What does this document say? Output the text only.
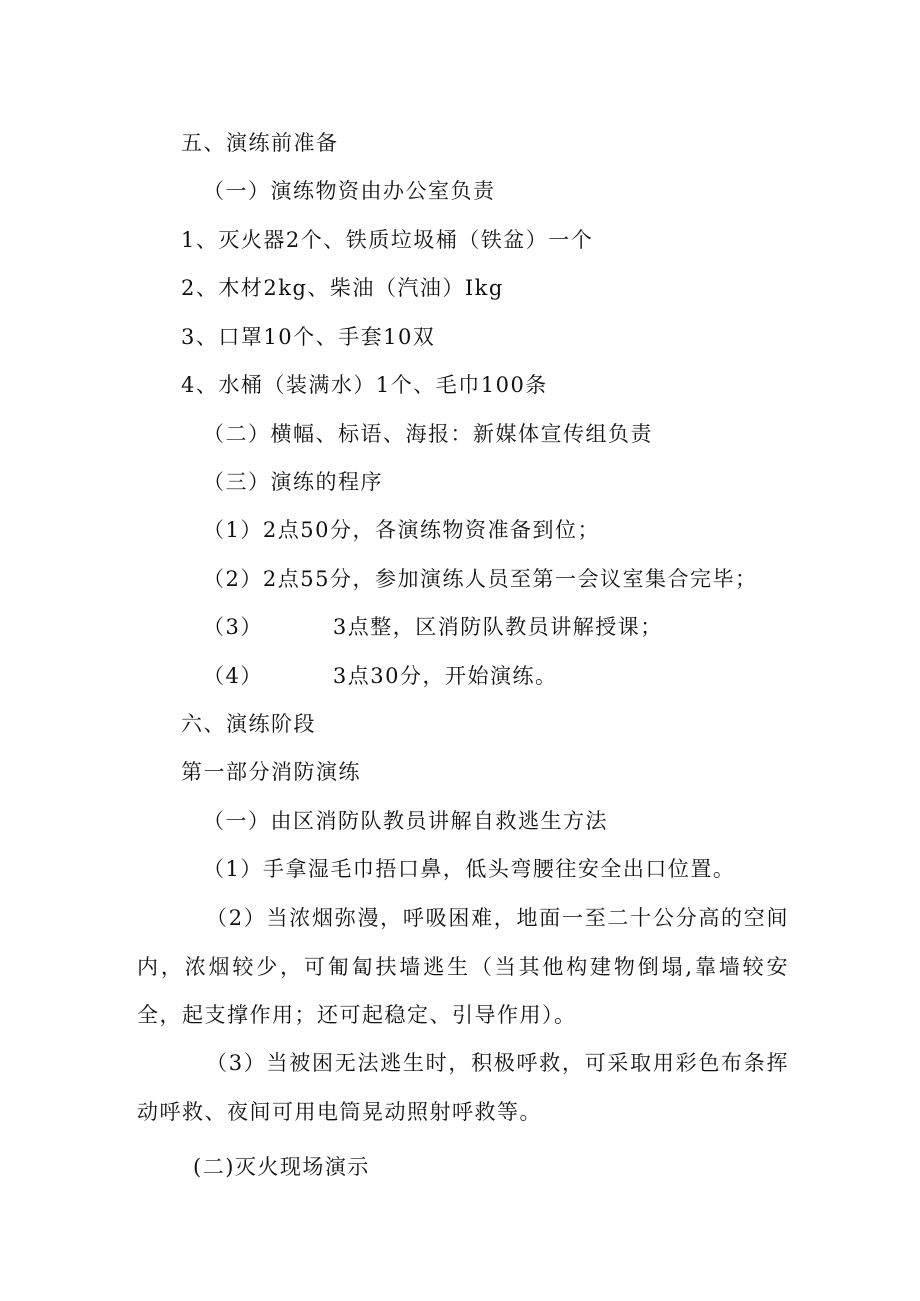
五、演练前准备
（一）演练物资由办公室负责
1、灭火器2个、铁质垃圾桶（铁盆）一个
2、木材2kg、柴油（汽油）Ikg
3、口罩10个、手套10双
4、水桶（装满水）1个、毛巾100条
（二）横幅、标语、海报：新媒体宣传组负责
（三）演练的程序
（1）2点50分，各演练物资准备到位；
（2）2点55分，参加演练人员至第一会议室集合完毕；
（3）	3点整，区消防队教员讲解授课；
（4）	3点30分，开始演练。
六、演练阶段
第一部分消防演练
（一）由区消防队教员讲解自救逃生方法
（1）手拿湿毛巾捂口鼻，低头弯腰往安全出口位置。
（2）当浓烟弥漫，呼吸困难，地面一至二十公分高的空间内，浓烟较少，可匍匐扶墙逃生（当其他构建物倒塌,靠墙较安全，起支撑作用；还可起稳定、引导作用）。
（3）当被困无法逃生时，积极呼救，可采取用彩色布条挥动呼救、夜间可用电筒晃动照射呼救等。
(二)灭火现场演示
